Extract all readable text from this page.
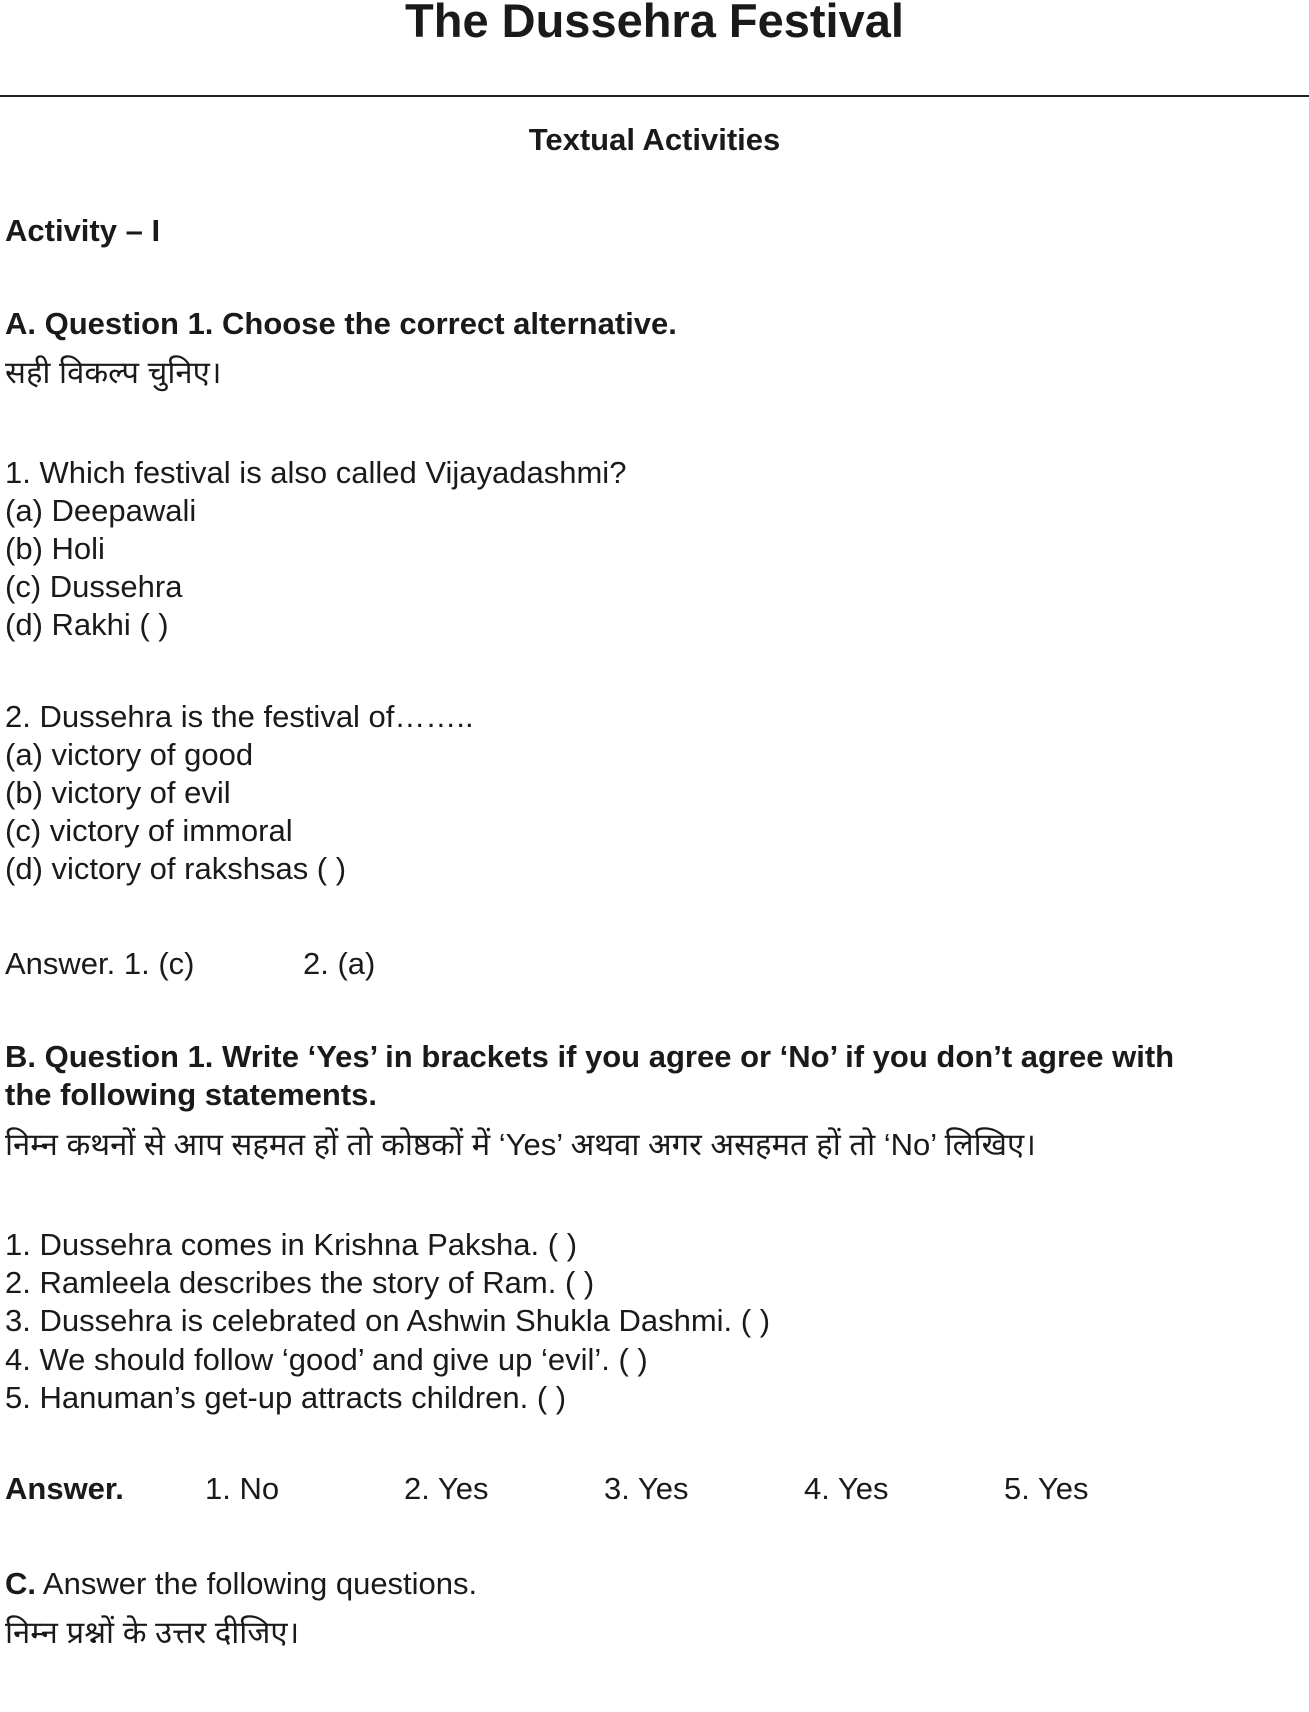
The Dussehra Festival
Textual Activities
Activity – I
A. Question 1. Choose the correct alternative.
सही विकल्प चुनिए।
1. Which festival is also called Vijayadashmi?
(a) Deepawali
(b) Holi
(c) Dussehra
(d) Rakhi ( )
2. Dussehra is the festival of……..
(a) victory of good
(b) victory of evil
(c) victory of immoral
(d) victory of rakshsas ( )
Answer. 1. (c)	2. (a)
B. Question 1. Write ‘Yes’ in brackets if you agree or ‘No’ if you don’t agree with
the following statements.
निम्न कथनों से आप सहमत हों तो कोष्ठकों में ‘Yes’ अथवा अगर असहमत हों तो ‘No’ लिखिए।
1. Dussehra comes in Krishna Paksha. ( )
2. Ramleela describes the story of Ram. ( )
3. Dussehra is celebrated on Ashwin Shukla Dashmi. ( )
4. We should follow ‘good’ and give up ‘evil’. ( )
5. Hanuman’s get-up attracts children. ( )
Answer.	1. No	2. Yes	3. Yes	4. Yes	5. Yes
C. Answer the following questions.
निम्न प्रश्नों के उत्तर दीजिए।
